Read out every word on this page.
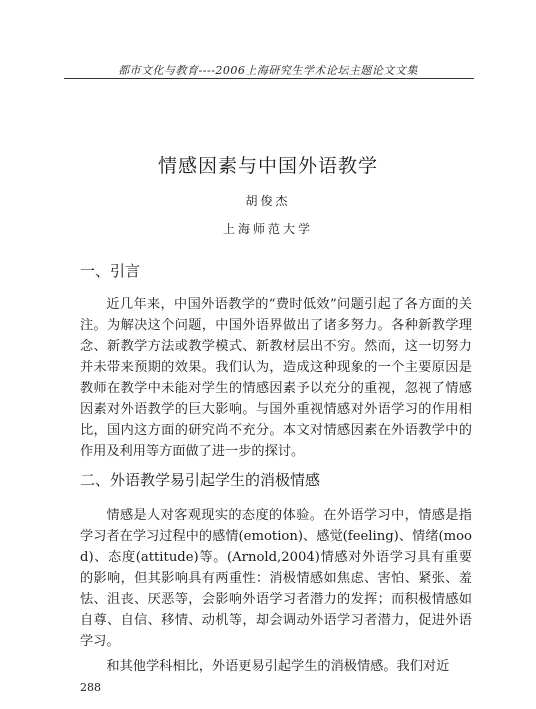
都市文化与教育----2006上海研究生学术论坛主题论文文集
情感因素与中国外语教学
胡俊杰
上海师范大学
一、引言

近几年来，中国外语教学的“费时低效”问题引起了各方面的关注。为解决这个问题，中国外语界做出了诸多努力。各种新教学理念、新教学方法或教学模式、新教材层出不穷。然而，这一切努力并未带来预期的效果。我们认为，造成这种现象的一个主要原因是教师在教学中未能对学生的情感因素予以充分的重视，忽视了情感因素对外语教学的巨大影响。与国外重视情感对外语学习的作用相比，国内这方面的研究尚不充分。本文对情感因素在外语教学中的作用及利用等方面做了进一步的探讨。

二、外语教学易引起学生的消极情感

情感是人对客观现实的态度的体验。在外语学习中，情感是指学习者在学习过程中的感情(emotion)、感觉(feeling)、情绪(mood)、态度(attitude)等。(Arnold,2004)情感对外语学习具有重要的影响，但其影响具有两重性：消极情感如焦虑、害怕、紧张、羞怯、沮丧、厌恶等，会影响外语学习者潜力的发挥；而积极情感如自尊、自信、移情、动机等，却会调动外语学习者潜力，促进外语学习。

和其他学科相比，外语更易引起学生的消极情感。我们对近

288
